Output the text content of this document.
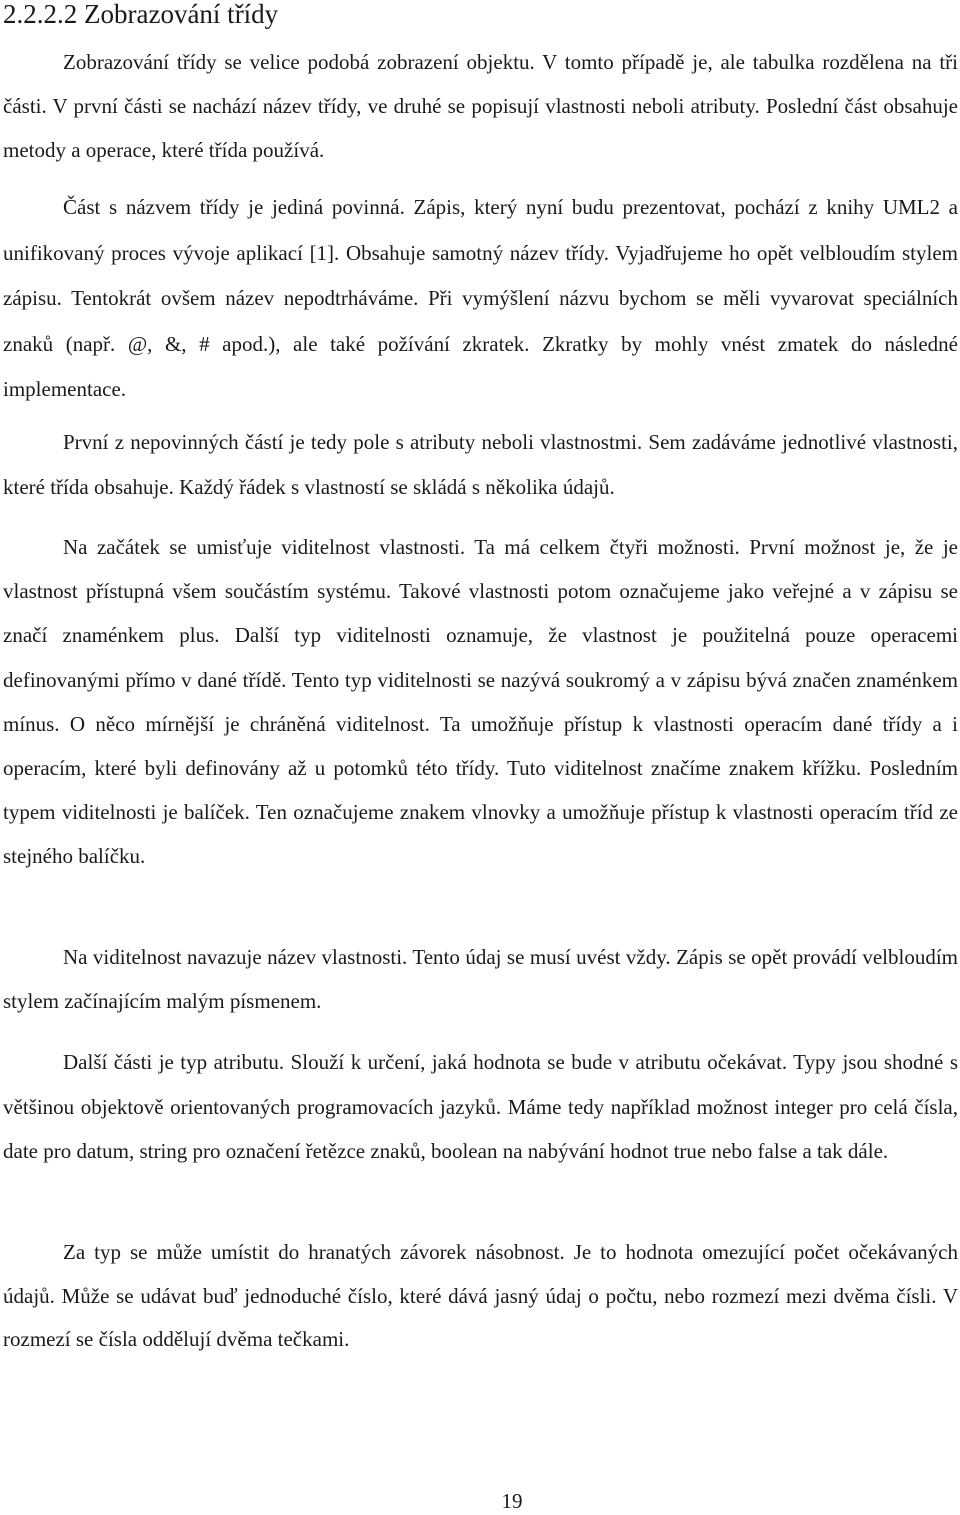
2.2.2.2 Zobrazování třídy

Zobrazování třídy se velice podobá zobrazení objektu. V tomto případě je, ale tabulka rozdělena na tři části. V první části se nachází název třídy, ve druhé se popisují vlastnosti neboli atributy. Poslední část obsahuje metody a operace, které třída používá.

Část s názvem třídy je jediná povinná. Zápis, který nyní budu prezentovat, pochází z knihy UML2 a unifikovaný proces vývoje aplikací [1]. Obsahuje samotný název třídy. Vyjadřujeme ho opět velbloudím stylem zápisu. Tentokrát ovšem název nepodtrháváme. Při vymýšlení názvu bychom se měli vyvarovat speciálních znaků (např. @, &, # apod.), ale také požívání zkratek. Zkratky by mohly vnést zmatek do následné implementace.

První z nepovinných částí je tedy pole s atributy neboli vlastnostmi. Sem zadáváme jednotlivé vlastnosti, které třída obsahuje. Každý řádek s vlastností se skládá s několika údajů.

Na začátek se umisťuje viditelnost vlastnosti. Ta má celkem čtyři možnosti. První možnost je, že je vlastnost přístupná všem součástím systému. Takové vlastnosti potom označujeme jako veřejné a v zápisu se značí znaménkem plus. Další typ viditelnosti oznamuje, že vlastnost je použitelná pouze operacemi definovanými přímo v dané třídě. Tento typ viditelnosti se nazývá soukromý a v zápisu bývá značen znaménkem mínus. O něco mírnější je chráněná viditelnost. Ta umožňuje přístup k vlastnosti operacím dané třídy a i operacím, které byli definovány až u potomků této třídy. Tuto viditelnost značíme znakem křížku. Posledním typem viditelnosti je balíček. Ten označujeme znakem vlnovky a umožňuje přístup k vlastnosti operacím tříd ze stejného balíčku.

Na viditelnost navazuje název vlastnosti. Tento údaj se musí uvést vždy. Zápis se opět provádí velbloudím stylem začínajícím malým písmenem.

Další části je typ atributu. Slouží k určení, jaká hodnota se bude v atributu očekávat. Typy jsou shodné s většinou objektově orientovaných programovacích jazyků. Máme tedy například možnost integer pro celá čísla, date pro datum, string pro označení řetězce znaků, boolean na nabývání hodnot true nebo false a tak dále.

Za typ se může umístit do hranatých závorek násobnost. Je to hodnota omezující počet očekávaných údajů. Může se udávat buď jednoduché číslo, které dává jasný údaj o počtu, nebo rozmezí mezi dvěma čísli. V rozmezí se čísla oddělují dvěma tečkami.

19
